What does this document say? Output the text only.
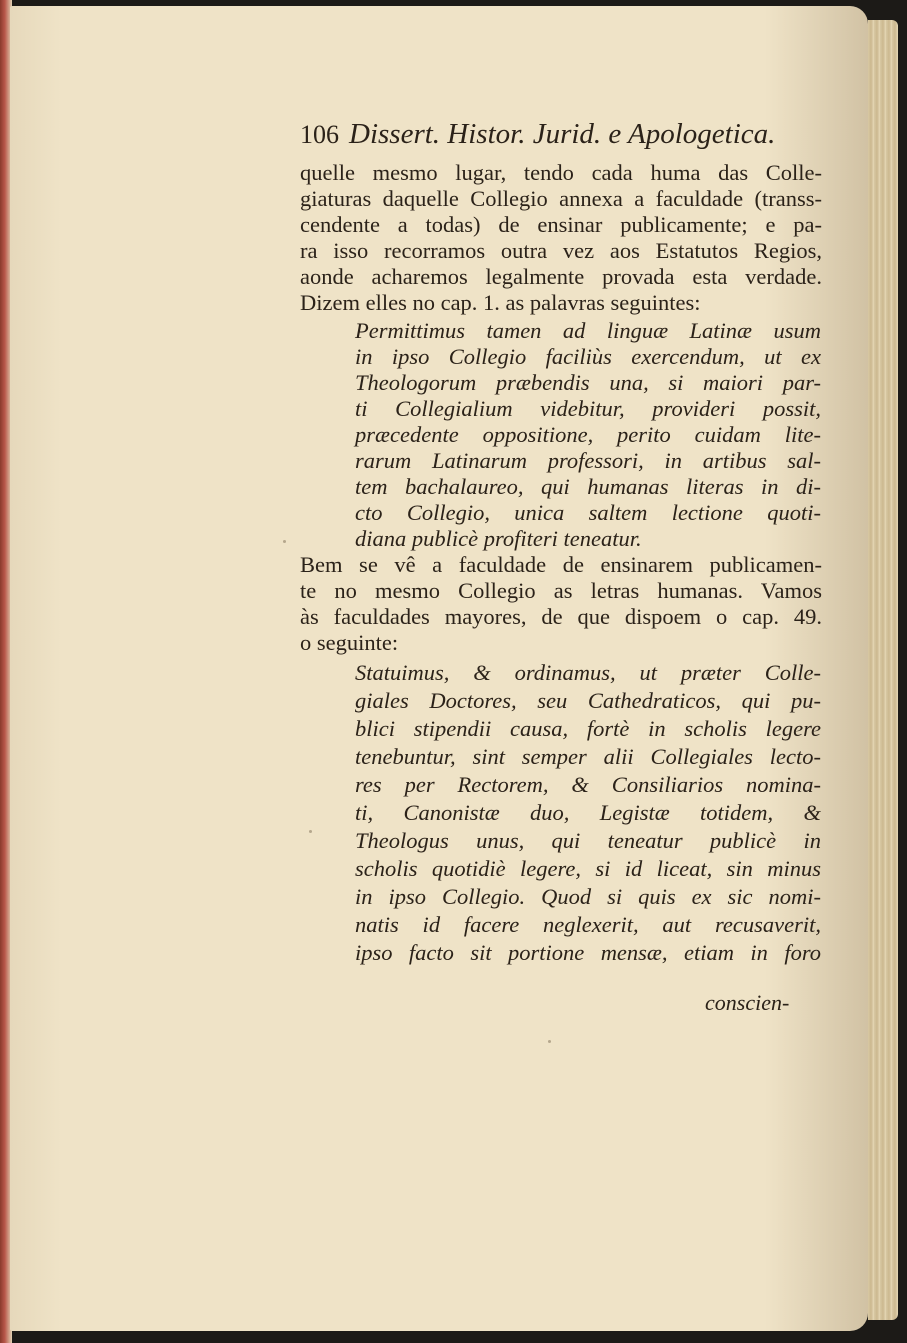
106 Dissert. Histor. Jurid. e Apologetica.
quelle mesmo lugar, tendo cada huma das Colle-
giaturas daquelle Collegio annexa a faculdade (transs-
cendente a todas) de ensinar publicamente; e pa-
ra isso recorramos outra vez aos Estatutos Regios,
aonde acharemos legalmente provada esta verdade.
Dizem elles no cap. 1. as palavras seguintes:
Permittimus tamen ad linguæ Latinæ usum
in ipso Collegio faciliùs exercendum, ut ex
Theologorum præbendis una, si maiori par-
ti Collegialium videbitur, provideri possit,
præcedente oppositione, perito cuidam lite-
rarum Latinarum professori, in artibus sal-
tem bachalaureo, qui humanas literas in di-
cto Collegio, unica saltem lectione quoti-
diana publicè profiteri teneatur.
Bem se vê a faculdade de ensinarem publicamen-
te no mesmo Collegio as letras humanas. Vamos
às faculdades mayores, de que dispoem o cap. 49.
o seguinte:
Statuimus, & ordinamus, ut præter Colle-
giales Doctores, seu Cathedraticos, qui pu-
blici stipendii causa, fortè in scholis legere
tenebuntur, sint semper alii Collegiales lecto-
res per Rectorem, & Consiliarios nomina-
ti, Canonistæ duo, Legistæ totidem, &
Theologus unus, qui teneatur publicè in
scholis quotidiè legere, si id liceat, sin minus
in ipso Collegio. Quod si quis ex sic nomi-
natis id facere neglexerit, aut recusaverit,
ipso facto sit portione mensæ, etiam in foro
conscien-
